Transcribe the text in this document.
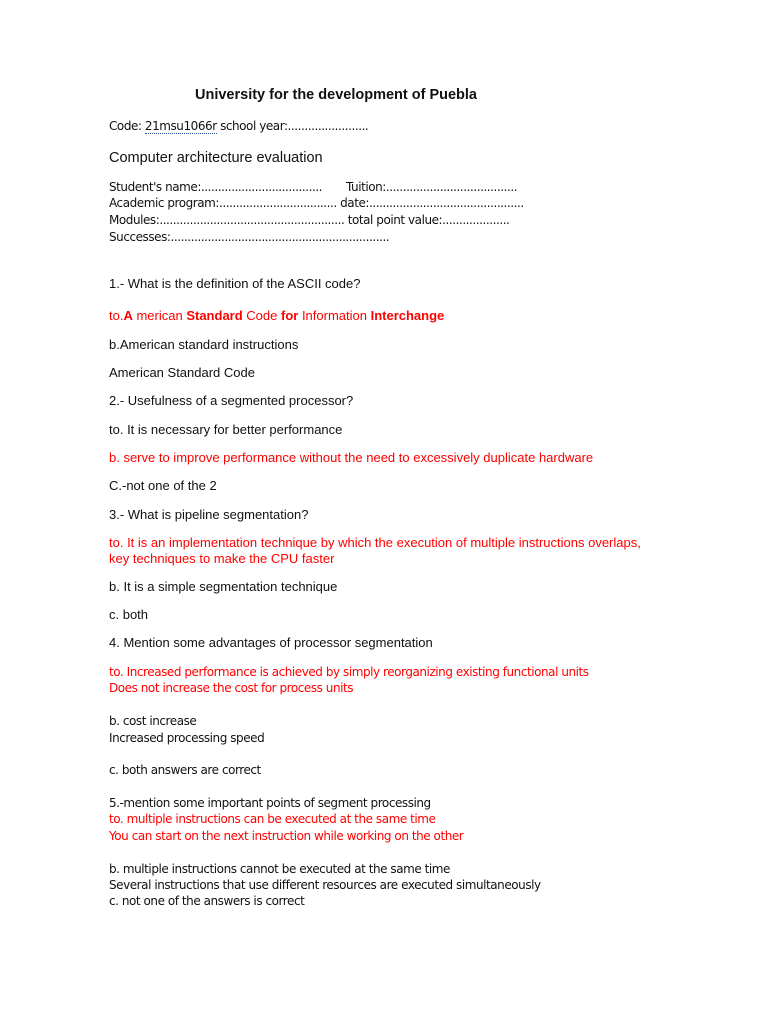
University for the development of Puebla
Code: 21msu1066r school year:........................
Computer architecture evaluation
Student's name:.................................... Tuition:.......................................
Academic program:................................... date:..............................................
Modules:....................................................... total point value:....................
Successes:.................................................................
1.- What is the definition of the ASCII code?
to.A merican Standard Code for Information Interchange
b.American standard instructions
American Standard Code
2.- Usefulness of a segmented processor?
to. It is necessary for better performance
b. serve to improve performance without the need to excessively duplicate hardware
C.-not one of the 2
3.- What is pipeline segmentation?
to. It is an implementation technique by which the execution of multiple instructions overlaps,
key techniques to make the CPU faster
b. It is a simple segmentation technique
c. both
4. Mention some advantages of processor segmentation
to. Increased performance is achieved by simply reorganizing existing functional units
Does not increase the cost for process units
b. cost increase
Increased processing speed
c. both answers are correct
5.-mention some important points of segment processing
to. multiple instructions can be executed at the same time
You can start on the next instruction while working on the other
b. multiple instructions cannot be executed at the same time
Several instructions that use different resources are executed simultaneously
c. not one of the answers is correct
